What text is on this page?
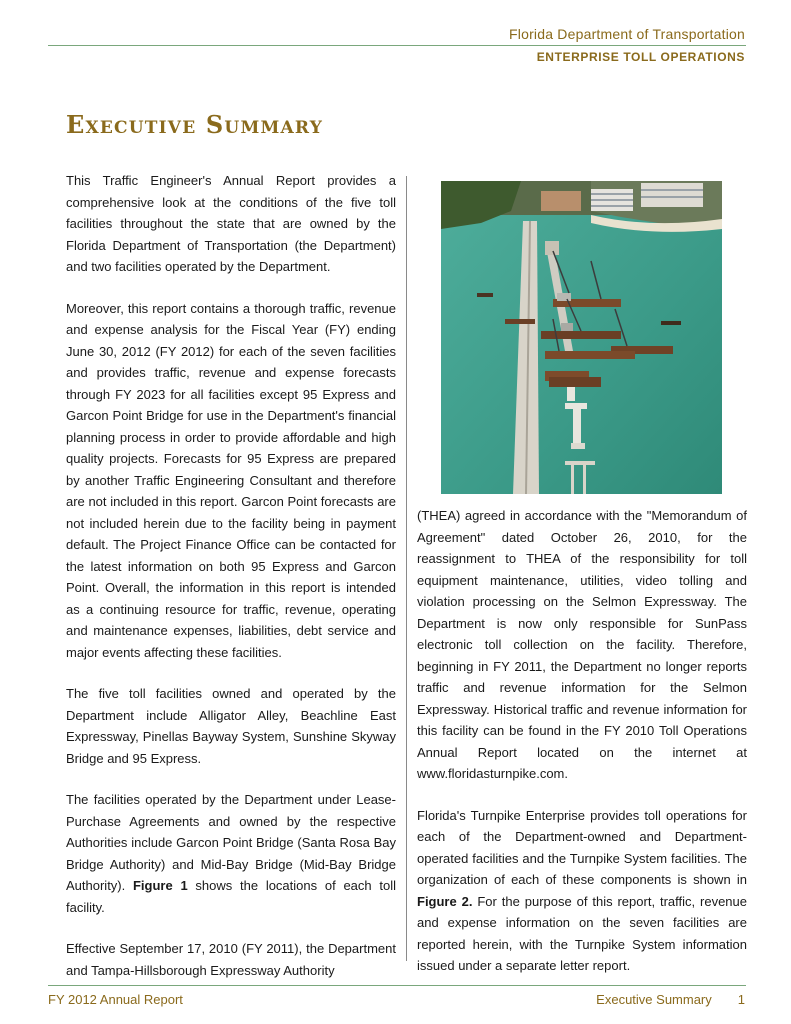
Florida Department of Transportation
ENTERPRISE TOLL OPERATIONS
Executive Summary

This Traffic Engineer's Annual Report provides a comprehensive look at the conditions of the five toll facilities throughout the state that are owned by the Florida Department of Transportation (the Department) and two facilities operated by the Department.

Moreover, this report contains a thorough traffic, revenue and expense analysis for the Fiscal Year (FY) ending June 30, 2012 (FY 2012) for each of the seven facilities and provides traffic, revenue and expense forecasts through FY 2023 for all facilities except 95 Express and Garcon Point Bridge for use in the Department's financial planning process in order to provide affordable and high quality projects. Forecasts for 95 Express are prepared by another Traffic Engineering Consultant and therefore are not included in this report. Garcon Point forecasts are not included herein due to the facility being in payment default. The Project Finance Office can be contacted for the latest information on both 95 Express and Garcon Point. Overall, the information in this report is intended as a continuing resource for traffic, revenue, operating and maintenance expenses, liabilities, debt service and major events affecting these facilities.

The five toll facilities owned and operated by the Department include Alligator Alley, Beachline East Expressway, Pinellas Bayway System, Sunshine Skyway Bridge and 95 Express.

The facilities operated by the Department under Lease-Purchase Agreements and owned by the respective Authorities include Garcon Point Bridge (Santa Rosa Bay Bridge Authority) and Mid-Bay Bridge (Mid-Bay Bridge Authority). Figure 1 shows the locations of each toll facility.

Effective September 17, 2010 (FY 2011), the Department and Tampa-Hillsborough Expressway Authority

(THEA) agreed in accordance with the "Memorandum of Agreement" dated October 26, 2010, for the reassignment to THEA of the responsibility for toll equipment maintenance, utilities, video tolling and violation processing on the Selmon Expressway. The Department is now only responsible for SunPass electronic toll collection on the facility. Therefore, beginning in FY 2011, the Department no longer reports traffic and revenue information for the Selmon Expressway. Historical traffic and revenue information for this facility can be found in the FY 2010 Toll Operations Annual Report located on the internet at www.floridasturnpike.com.

Florida's Turnpike Enterprise provides toll operations for each of the Department-owned and Department-operated facilities and the Turnpike System facilities. The organization of each of these components is shown in Figure 2. For the purpose of this report, traffic, revenue and expense information on the seven facilities are reported herein, with the Turnpike System information issued under a separate letter report.

FY 2012 Annual Report	Executive Summary 1
